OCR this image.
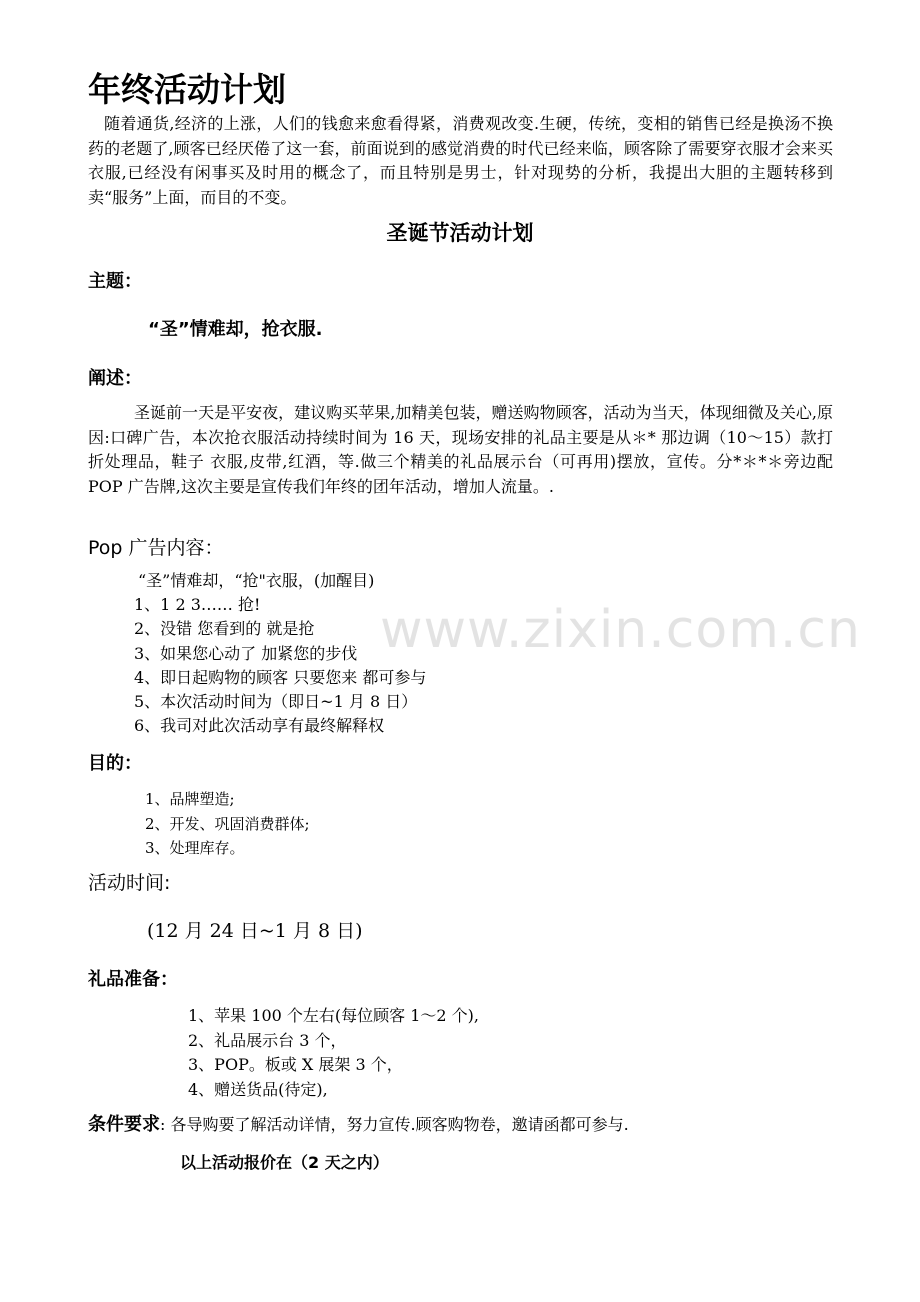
www.zixin.com.cn
年终活动计划

随着通货,经济的上涨，人们的钱愈来愈看得紧，消费观改变.生硬，传统，变相的销售已经是换汤不换药的老题了,顾客已经厌倦了这一套，前面说到的感觉消费的时代已经来临，顾客除了需要穿衣服才会来买衣服,已经没有闲事买及时用的概念了，而且特别是男士，针对现势的分析，我提出大胆的主题转移到卖“服务”上面，而目的不变。

圣诞节活动计划
主题：
“圣”情难却，抢衣服.
阐述：

圣诞前一天是平安夜，建议购买苹果,加精美包装，赠送购物顾客，活动为当天，体现细微及关心,原因:口碑广告，本次抢衣服活动持续时间为 16 天，现场安排的礼品主要是从＊* 那边调（10～15）款打折处理品，鞋子 衣服,皮带,红酒，等.做三个精美的礼品展示台（可再用)摆放，宣传。分*＊*＊旁边配 POP 广告牌,这次主要是宣传我们年终的团年活动，增加人流量。.

Pop 广告内容：
“圣”情难却，“抢"衣服，(加醒目)
1、1 2 3…… 抢!
2、没错 您看到的 就是抢
3、如果您心动了 加紧您的步伐
4、即日起购物的顾客 只要您来 都可参与
5、本次活动时间为（即日~1 月 8 日）
6、我司对此次活动享有最终解释权
目的：
1、品牌塑造;
2、开发、巩固消费群体;
3、处理库存。
活动时间:
(12 月 24 日~1 月 8 日)
礼品准备：
1、苹果 100 个左右(每位顾客 1～2 个),
2、礼品展示台 3 个，
3、POP。板或 X 展架 3 个，
4、赠送货品(待定),
条件要求: 各导购要了解活动详情，努力宣传.顾客购物卷，邀请函都可参与.
以上活动报价在（2 天之内）
